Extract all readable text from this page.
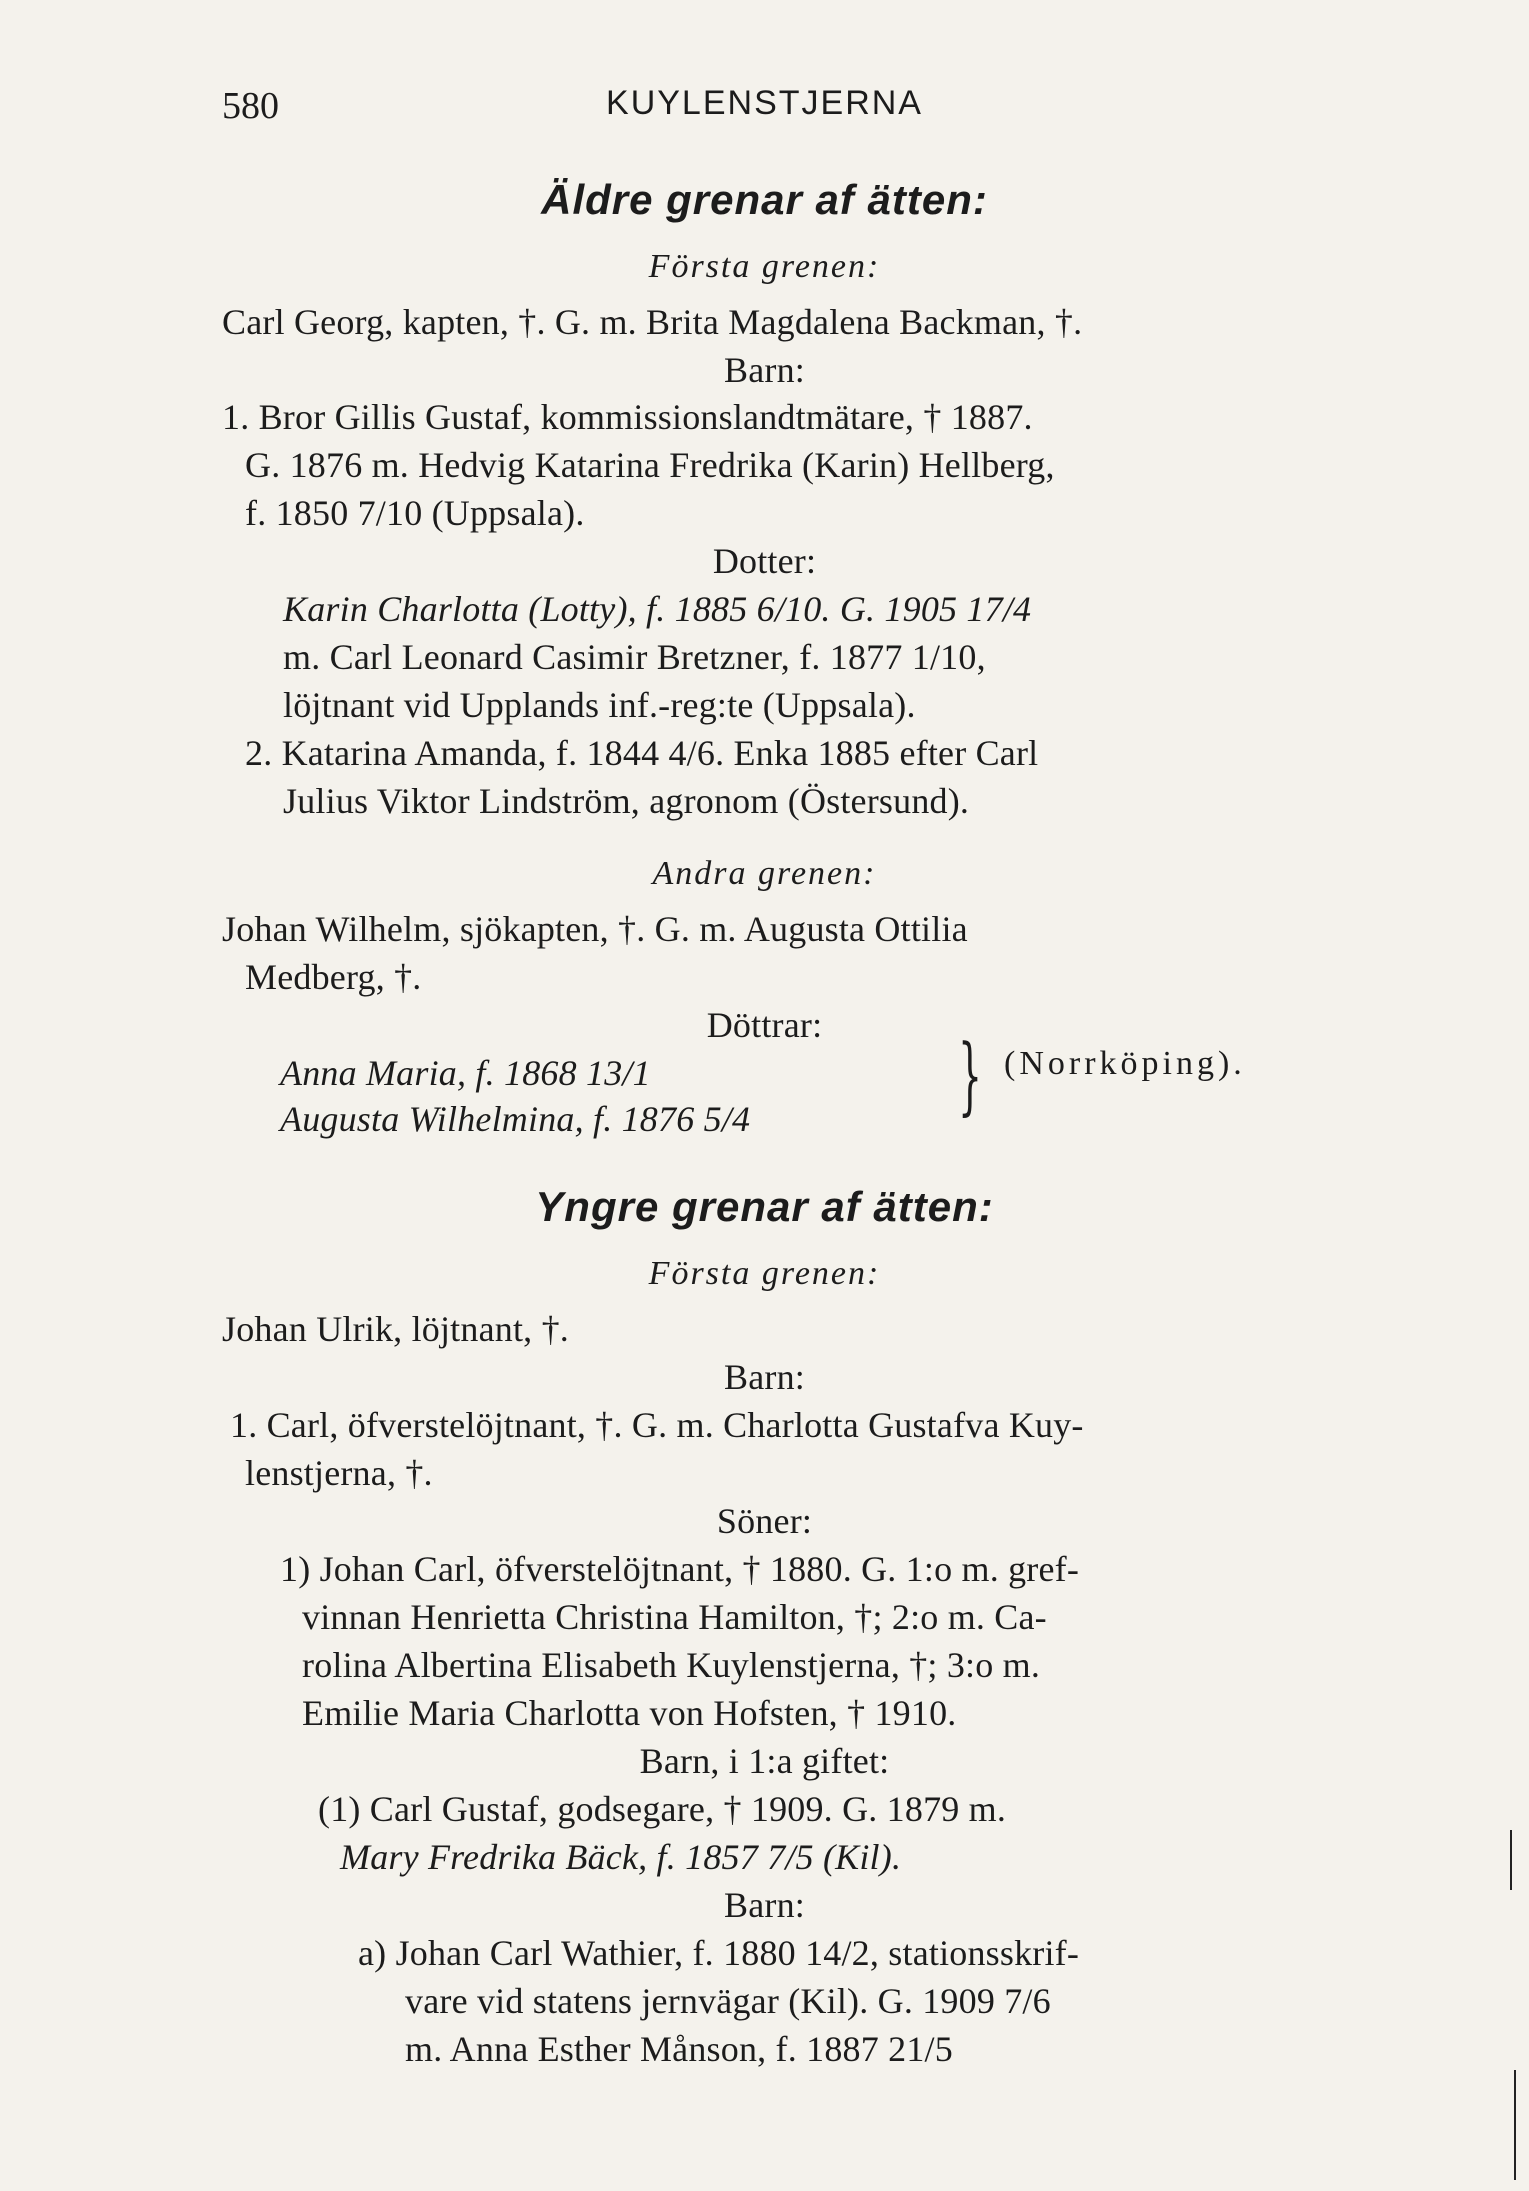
580	KUYLENSTJERNA
Äldre grenar af ätten:
Första grenen:
Carl Georg, kapten, †. G. m. Brita Magdalena Backman, †.
Barn:
1. Bror Gillis Gustaf, kommissionslandtmätare, † 1887.
G. 1876 m. Hedvig Katarina Fredrika (Karin) Hellberg,
f. 1850 7/10 (Uppsala).
Dotter:
Karin Charlotta (Lotty), f. 1885 6/10. G. 1905 17/4
m. Carl Leonard Casimir Bretzner, f. 1877 1/10,
löjtnant vid Upplands inf.-reg:te (Uppsala).
2. Katarina Amanda, f. 1844 4/6. Enka 1885 efter Carl
Julius Viktor Lindström, agronom (Östersund).
Andra grenen:
Johan Wilhelm, sjökapten, †. G. m. Augusta Ottilia
Medberg, †.
Döttrar:
Anna Maria, f. 1868 13/1
Augusta Wilhelmina, f. 1876 5/4 } (Norrköping).
Yngre grenar af ätten:
Första grenen:
Johan Ulrik, löjtnant, †.
Barn:
1. Carl, öfverstelöjtnant, †. G. m. Charlotta Gustafva Kuy-
lenstjerna, †.
Söner:
1) Johan Carl, öfverstelöjtnant, † 1880. G. 1:o m. gref-
vinnan Henrietta Christina Hamilton, †; 2:o m. Ca-
rolina Albertina Elisabeth Kuylenstjerna, †; 3:o m.
Emilie Maria Charlotta von Hofsten, † 1910.
Barn, i 1:a giftet:
(1) Carl Gustaf, godsegare, † 1909. G. 1879 m.
Mary Fredrika Bäck, f. 1857 7/5 (Kil).
Barn:
a) Johan Carl Wathier, f. 1880 14/2, stationsskrif-
vare vid statens jernvägar (Kil). G. 1909 7/6
m. Anna Esther Månson, f. 1887 21/5
